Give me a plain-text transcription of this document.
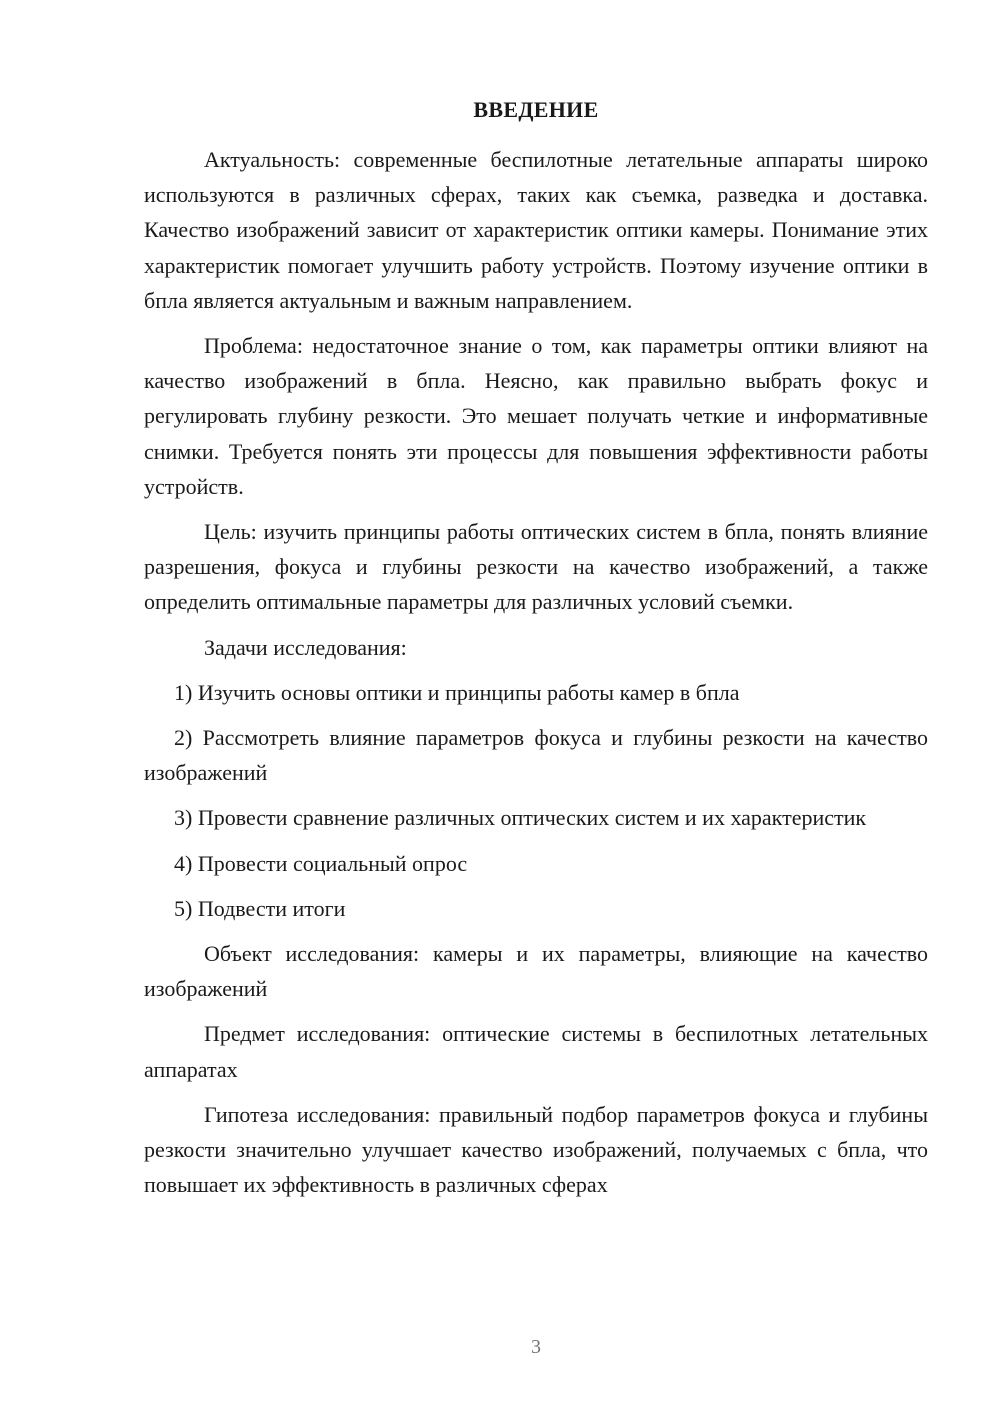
ВВЕДЕНИЕ

Актуальность: современные беспилотные летательные аппараты широко используются в различных сферах, таких как съемка, разведка и доставка. Качество изображений зависит от характеристик оптики камеры. Понимание этих характеристик помогает улучшить работу устройств. Поэтому изучение оптики в бпла является актуальным и важным направлением.

Проблема: недостаточное знание о том, как параметры оптики влияют на качество изображений в бпла. Неясно, как правильно выбрать фокус и регулировать глубину резкости. Это мешает получать четкие и информативные снимки. Требуется понять эти процессы для повышения эффективности работы устройств.

Цель: изучить принципы работы оптических систем в бпла, понять влияние разрешения, фокуса и глубины резкости на качество изображений, а также определить оптимальные параметры для различных условий съемки.

Задачи исследования:

1) Изучить основы оптики и принципы работы камер в бпла

2) Рассмотреть влияние параметров фокуса и глубины резкости на качество изображений

3) Провести сравнение различных оптических систем и их характеристик

4) Провести социальный опрос

5) Подвести итоги

Объект исследования: камеры и их параметры, влияющие на качество изображений

Предмет исследования: оптические системы в беспилотных летательных аппаратах

Гипотеза исследования: правильный подбор параметров фокуса и глубины резкости значительно улучшает качество изображений, получаемых с бпла, что повышает их эффективность в различных сферах

3
